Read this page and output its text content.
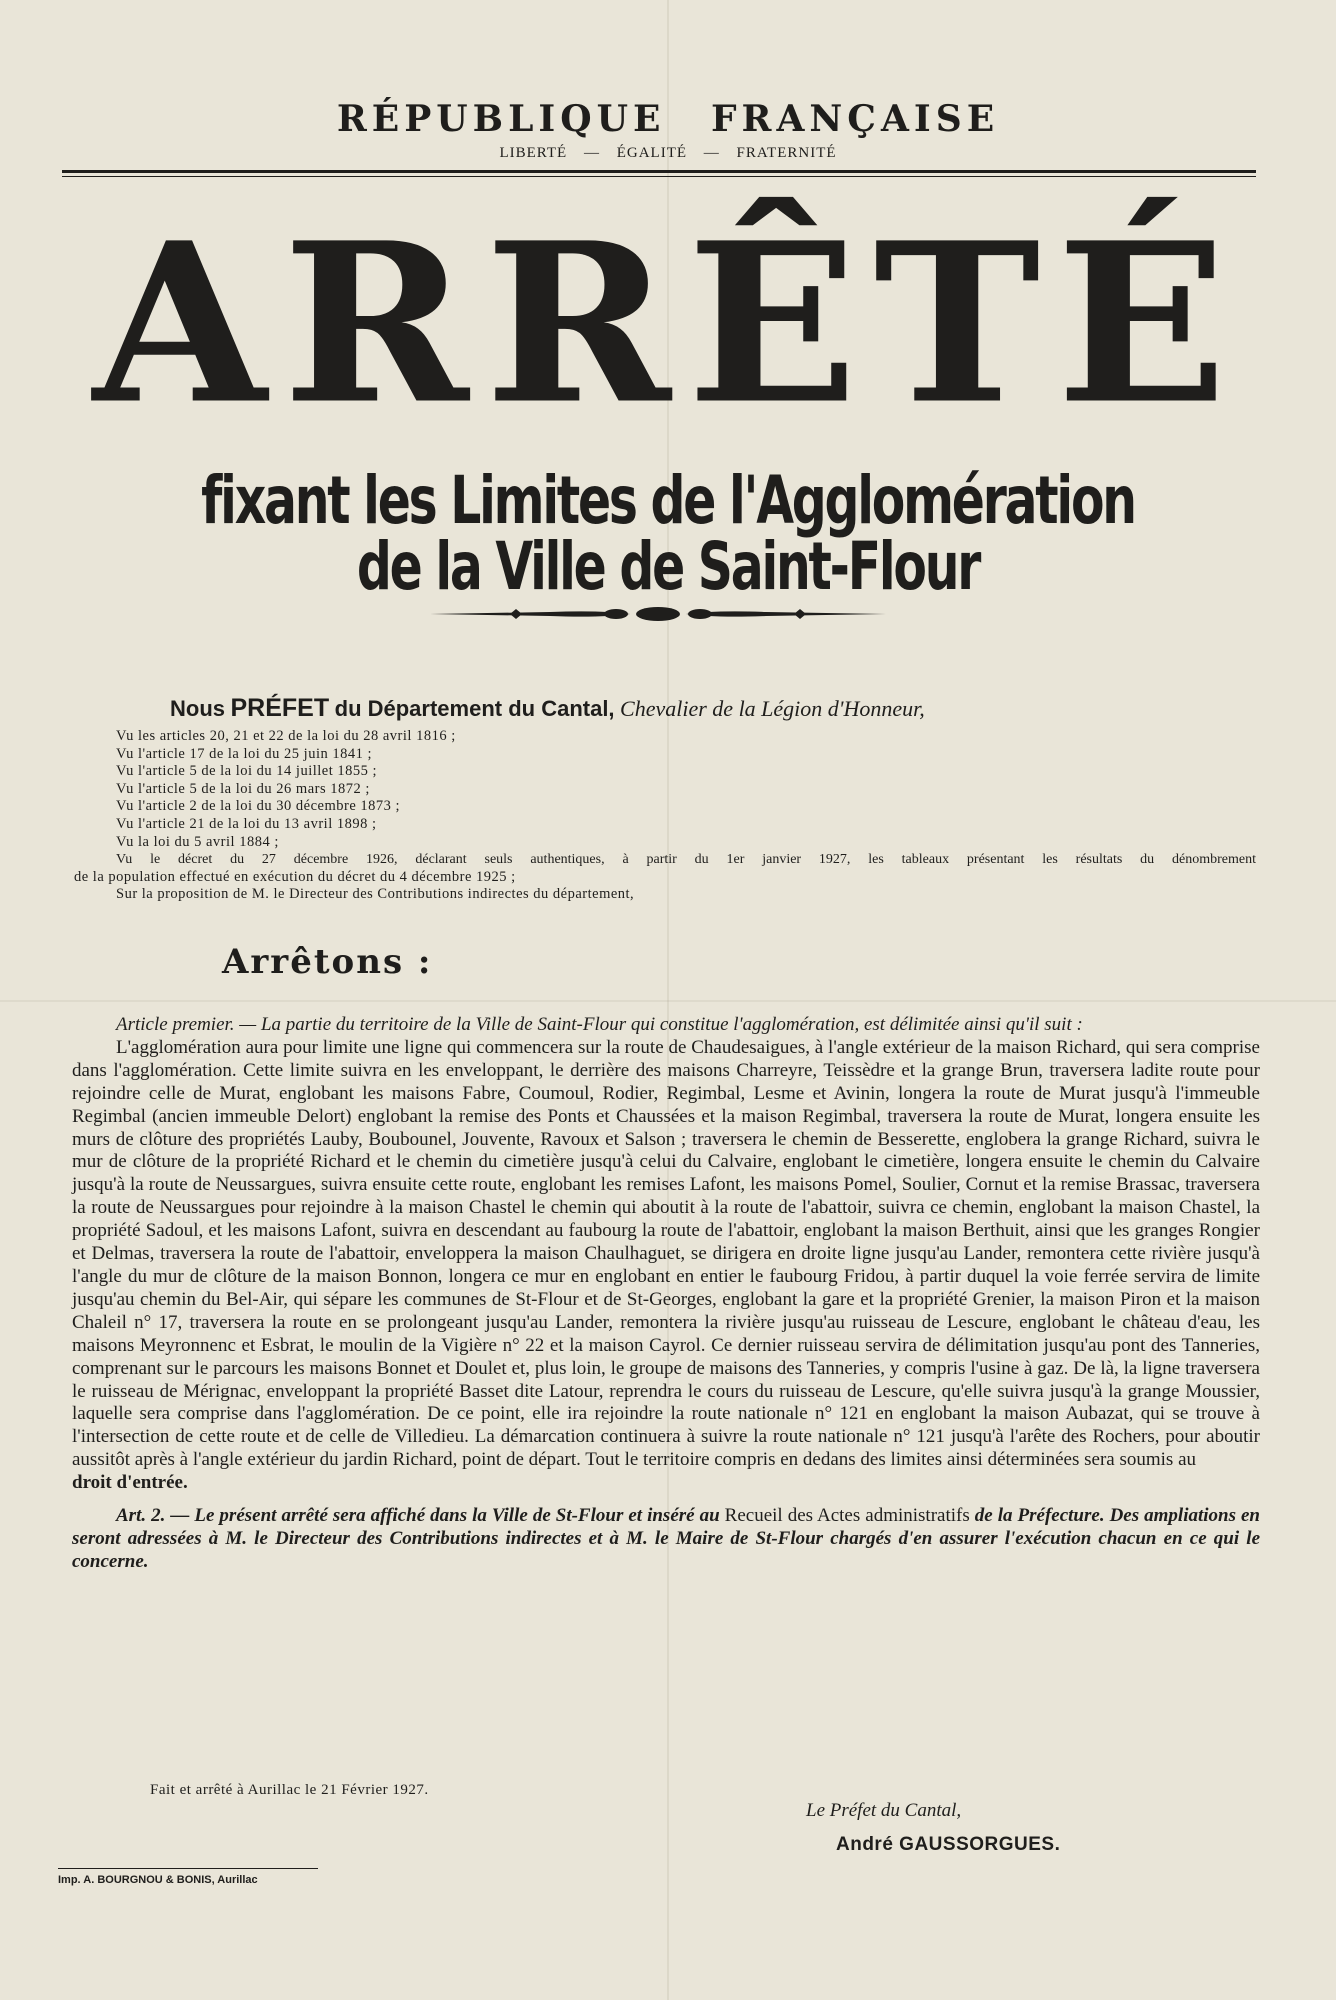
RÉPUBLIQUE FRANÇAISE
LIBERTÉ — ÉGALITÉ — FRATERNITÉ
ARRÊTÉ
fixant les Limites de l'Agglomération de la Ville de Saint-Flour
Nous PRÉFET du Département du Cantal, Chevalier de la Légion d'Honneur,
Vu les articles 20, 21 et 22 de la loi du 28 avril 1816 ;
Vu l'article 17 de la loi du 25 juin 1841 ;
Vu l'article 5 de la loi du 14 juillet 1855 ;
Vu l'article 5 de la loi du 26 mars 1872 ;
Vu l'article 2 de la loi du 30 décembre 1873 ;
Vu l'article 21 de la loi du 13 avril 1898 ;
Vu la loi du 5 avril 1884 ;
Vu le décret du 27 décembre 1926, déclarant seuls authentiques, à partir du 1er janvier 1927, les tableaux présentant les résultats du dénombrement
de la population effectué en exécution du décret du 4 décembre 1925 ;
Sur la proposition de M. le Directeur des Contributions indirectes du département,
Arrêtons :

Article premier. — La partie du territoire de la Ville de Saint-Flour qui constitue l'agglomération, est délimitée ainsi qu'il suit :

L'agglomération aura pour limite une ligne qui commencera sur la route de Chaudesaigues, à l'angle extérieur de la maison Richard, qui sera comprise dans l'agglomération. Cette limite suivra en les enveloppant, le derrière des maisons Charreyre, Teissèdre et la grange Brun, traversera ladite route pour rejoindre celle de Murat, englobant les maisons Fabre, Coumoul, Rodier, Regimbal, Lesme et Avinin, longera la route de Murat jusqu'à l'immeuble Regimbal (ancien immeuble Delort) englobant la remise des Ponts et Chaussées et la maison Regimbal, traversera la route de Murat, longera ensuite les murs de clôture des propriétés Lauby, Boubounel, Jouvente, Ravoux et Salson ; traversera le chemin de Besserette, englobera la grange Richard, suivra le mur de clôture de la propriété Richard et le chemin du cimetière jusqu'à celui du Calvaire, englobant le cimetière, longera ensuite le chemin du Calvaire jusqu'à la route de Neussargues, suivra ensuite cette route, englobant les remises Lafont, les maisons Pomel, Soulier, Cornut et la remise Brassac, traversera la route de Neussargues pour rejoindre à la maison Chastel le chemin qui aboutit à la route de l'abattoir, suivra ce chemin, englobant la maison Chastel, la propriété Sadoul, et les maisons Lafont, suivra en descendant au faubourg la route de l'abattoir, englobant la maison Berthuit, ainsi que les granges Rongier et Delmas, traversera la route de l'abattoir, enveloppera la maison Chaulhaguet, se dirigera en droite ligne jusqu'au Lander, remontera cette rivière jusqu'à l'angle du mur de clôture de la maison Bonnon, longera ce mur en englobant en entier le faubourg Fridou, à partir duquel la voie ferrée servira de limite jusqu'au chemin du Bel-Air, qui sépare les communes de St-Flour et de St-Georges, englobant la gare et la propriété Grenier, la maison Piron et la maison Chaleil n° 17, traversera la route en se prolongeant jusqu'au Lander, remontera la rivière jusqu'au ruisseau de Lescure, englobant le château d'eau, les maisons Meyronnenc et Esbrat, le moulin de la Vigière n° 22 et la maison Cayrol. Ce dernier ruisseau servira de délimitation jusqu'au pont des Tanneries, comprenant sur le parcours les maisons Bonnet et Doulet et, plus loin, le groupe de maisons des Tanneries, y compris l'usine à gaz. De là, la ligne traversera le ruisseau de Mérignac, enveloppant la propriété Basset dite Latour, reprendra le cours du ruisseau de Lescure, qu'elle suivra jusqu'à la grange Moussier, laquelle sera comprise dans l'agglomération. De ce point, elle ira rejoindre la route nationale n° 121 en englobant la maison Aubazat, qui se trouve à l'intersection de cette route et de celle de Villedieu. La démarcation continuera à suivre la route nationale n° 121 jusqu'à l'arête des Rochers, pour aboutir aussitôt après à l'angle extérieur du jardin Richard, point de départ. Tout le territoire compris en dedans des limites ainsi déterminées sera soumis au
droit d'entrée.

Art. 2. — Le présent arrêté sera affiché dans la Ville de St-Flour et inséré au Recueil des Actes administratifs de la Préfecture. Des ampliations en seront adressées à M. le Directeur des Contributions indirectes et à M. le Maire de St-Flour chargés d'en assurer l'exécution chacun en ce qui le concerne.

Fait et arrêté à Aurillac le 21 Février 1927.
Le Préfet du Cantal,
André GAUSSORGUES.
Imp. A. BOURGNOU & BONIS, Aurillac
